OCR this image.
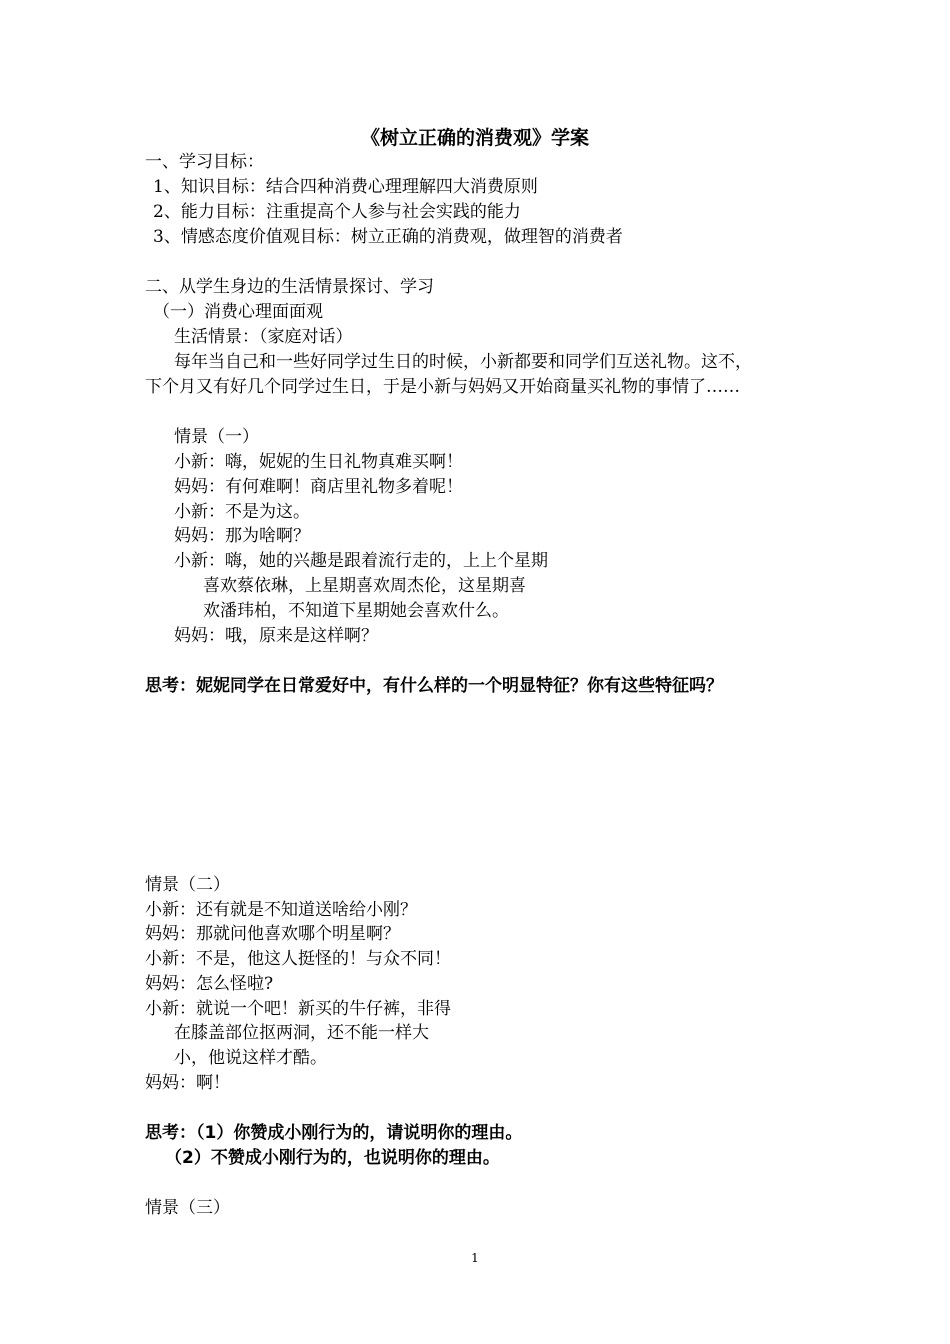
《树立正确的消费观》学案
一、学习目标：
1、知识目标：结合四种消费心理理解四大消费原则
2、能力目标：注重提高个人参与社会实践的能力
3、情感态度价值观目标：树立正确的消费观，做理智的消费者
二、从学生身边的生活情景探讨、学习
（一）消费心理面面观
生活情景：（家庭对话）
每年当自己和一些好同学过生日的时候，小新都要和同学们互送礼物。这不，
下个月又有好几个同学过生日，于是小新与妈妈又开始商量买礼物的事情了……
情景（一）
小新：嗨，妮妮的生日礼物真难买啊！
妈妈：有何难啊！商店里礼物多着呢！
小新：不是为这。
妈妈：那为啥啊？
小新：嗨，她的兴趣是跟着流行走的，上上个星期
喜欢蔡依琳，上星期喜欢周杰伦，这星期喜
欢潘玮柏，不知道下星期她会喜欢什么。
妈妈：哦，原来是这样啊？
思考：妮妮同学在日常爱好中，有什么样的一个明显特征？你有这些特征吗？
情景（二）
小新：还有就是不知道送啥给小刚？
妈妈：那就问他喜欢哪个明星啊？
小新：不是，他这人挺怪的！与众不同！
妈妈：怎么怪啦?
小新：就说一个吧！新买的牛仔裤，非得
在膝盖部位抠两洞，还不能一样大
小，他说这样才酷。
妈妈：啊！
思考：（1）你赞成小刚行为的，请说明你的理由。
（2）不赞成小刚行为的，也说明你的理由。
情景（三）
1
